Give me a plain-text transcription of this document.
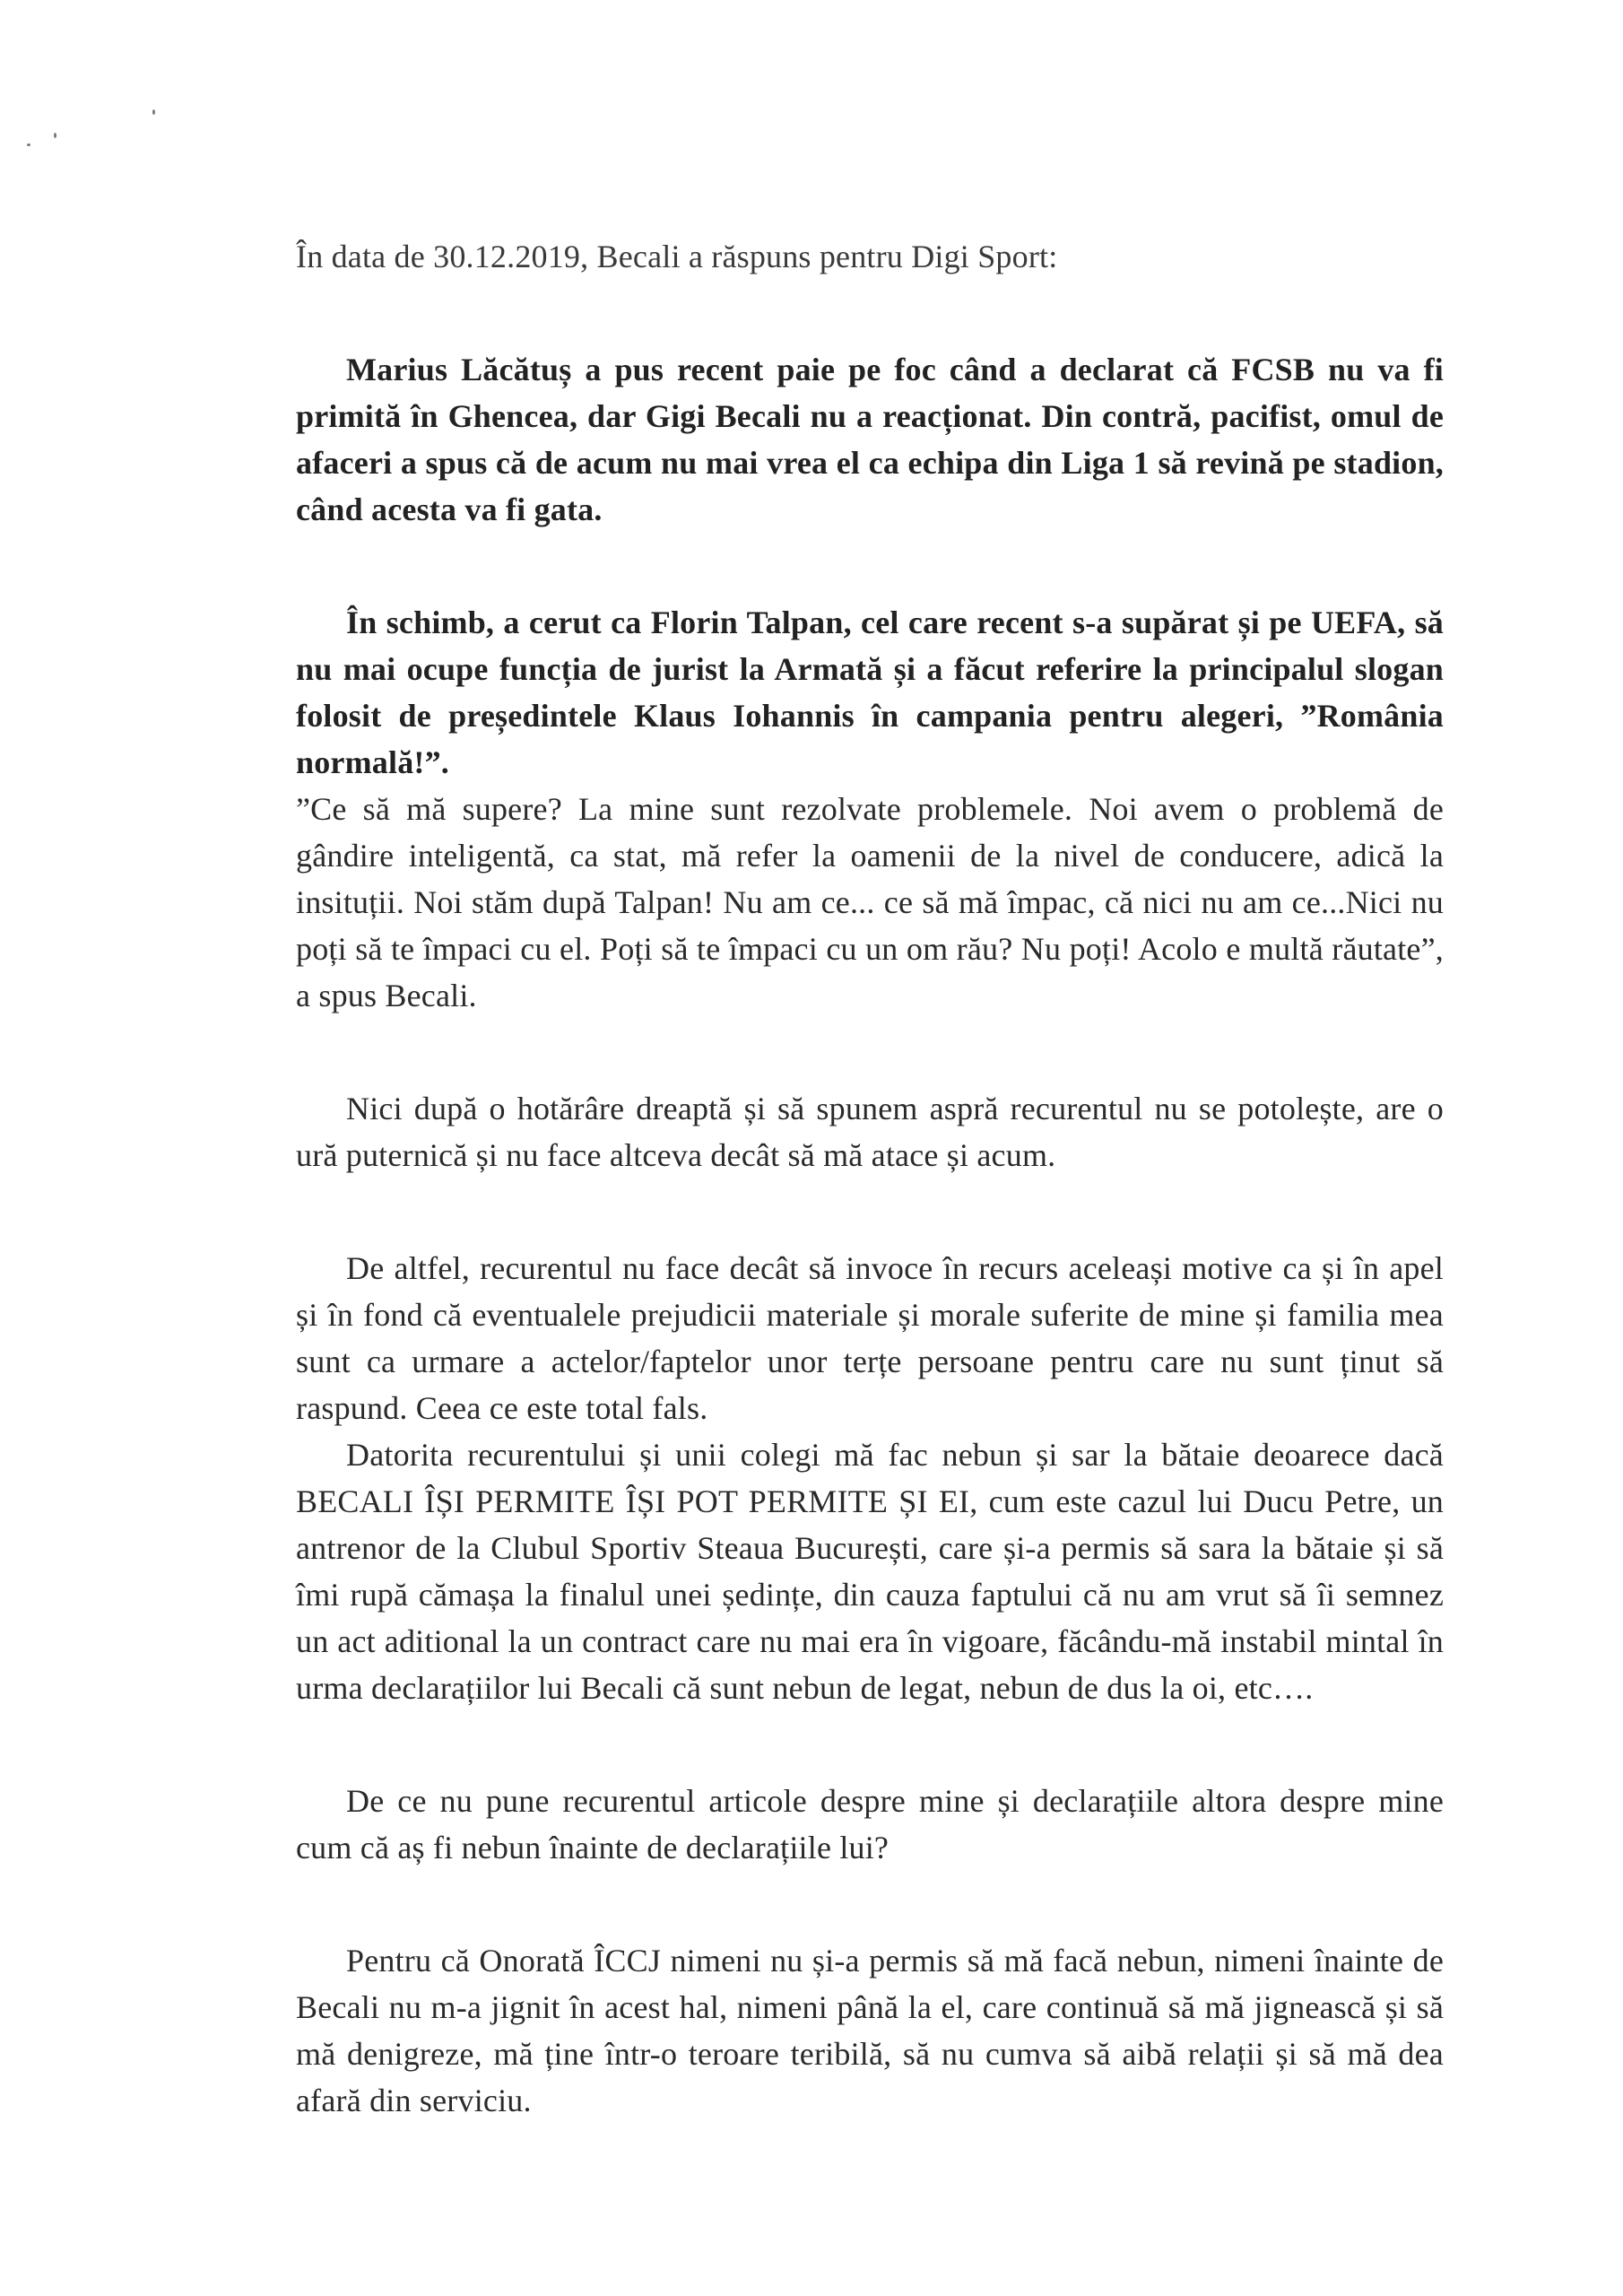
În data de 30.12.2019, Becali a răspuns pentru Digi Sport:

Marius Lăcătuș a pus recent paie pe foc când a declarat că FCSB nu va fi primită în Ghencea, dar Gigi Becali nu a reacționat. Din contră, pacifist, omul de afaceri a spus că de acum nu mai vrea el ca echipa din Liga 1 să revină pe stadion, când acesta va fi gata.

În schimb, a cerut ca Florin Talpan, cel care recent s-a supărat și pe UEFA, să nu mai ocupe funcția de jurist la Armată și a făcut referire la principalul slogan folosit de președintele Klaus Iohannis în campania pentru alegeri, ”România normală!”.

”Ce să mă supere? La mine sunt rezolvate problemele. Noi avem o problemă de gândire inteligentă, ca stat, mă refer la oamenii de la nivel de conducere, adică la insituții. Noi stăm după Talpan! Nu am ce... ce să mă împac, că nici nu am ce...Nici nu poți să te împaci cu el. Poți să te împaci cu un om rău? Nu poți! Acolo e multă răutate”, a spus Becali.

Nici după o hotărâre dreaptă și să spunem aspră recurentul nu se potolește, are o ură puternică și nu face altceva decât să mă atace și acum.

De altfel, recurentul nu face decât să invoce în recurs aceleași motive ca și în apel și în fond că eventualele prejudicii materiale și morale suferite de mine și familia mea sunt ca urmare a actelor/faptelor unor terțe persoane pentru care nu sunt ținut să raspund. Ceea ce este total fals.

Datorita recurentului și unii colegi mă fac nebun și sar la bătaie deoarece dacă BECALI ÎȘI PERMITE ÎȘI POT PERMITE ȘI EI, cum este cazul lui Ducu Petre, un antrenor de la Clubul Sportiv Steaua București, care și-a permis să sara la bătaie și să îmi rupă cămașa la finalul unei ședințe, din cauza faptului că nu am vrut să îi semnez un act aditional la un contract care nu mai era în vigoare, făcându-mă instabil mintal în urma declarațiilor lui Becali că sunt nebun de legat, nebun de dus la oi, etc….

De ce nu pune recurentul articole despre mine și declarațiile altora despre mine cum că aș fi nebun înainte de declarațiile lui?

Pentru că Onorată ÎCCJ nimeni nu și-a permis să mă facă nebun, nimeni înainte de Becali nu m-a jignit în acest hal, nimeni până la el, care continuă să mă jignească și să mă denigreze, mă ține într-o teroare teribilă, să nu cumva să aibă relații și să mă dea afară din serviciu.
